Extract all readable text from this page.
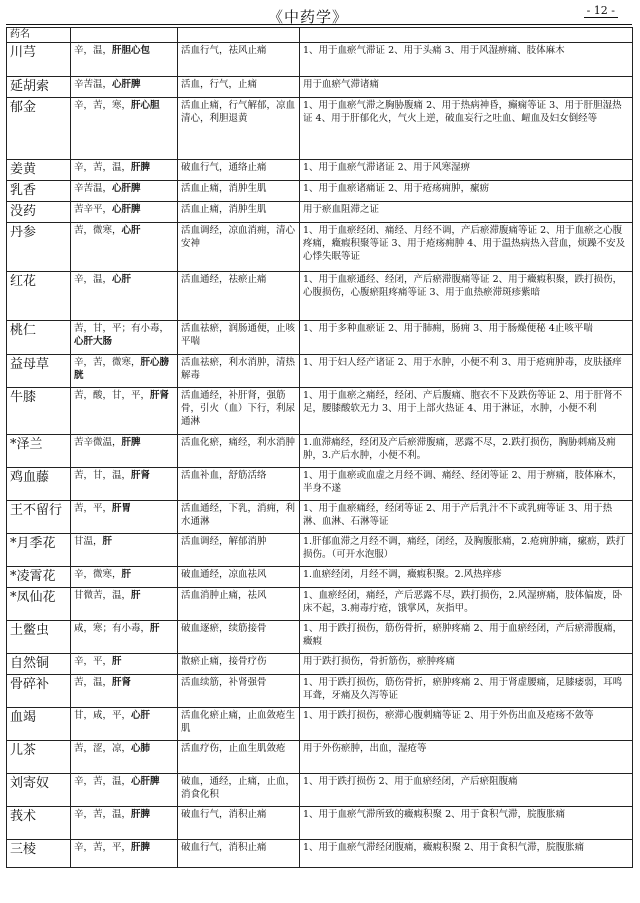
《中药学》	- 12 -
药名			
川芎	辛，温，肝胆心包	活血行气，祛风止痛	1、用于血瘀气滞证 2、用于头痛 3、用于风湿痹痛、肢体麻木
延胡索	辛苦温，心肝脾	活血，行气，止痛	用于血瘀气滞诸痛
郁金	辛，苦，寒，肝心胆	活血止痛，行气解郁，凉血清心，利胆退黄	1、用于血瘀气滞之胸胁腹痛 2、用于热病神昏，癫痫等证 3、用于肝胆湿热证 4、用于肝郁化火，气火上逆，破血妄行之吐血、衄血及妇女倒经等
姜黄	辛，苦，温，肝脾	破血行气，通络止痛	1、用于血瘀气滞诸证 2、用于风寒湿痹
乳香	辛苦温，心肝脾	活血止痛，消肿生肌	1、用于血瘀诸痛证 2、用于疮疡痈肿，瘰疬
没药	苦辛平，心肝脾	活血止痛，消肿生肌	用于瘀血阻滞之证
丹参	苦，微寒，心肝	活血调经，凉血消痈，清心安神	1、用于血瘀经闭、痛经、月经不调，产后瘀滞腹痛等证 2、用于血瘀之心腹疼痛，癥瘕积聚等证 3、用于疮疡痈肿 4、用于温热病热入营血，烦躁不安及心悸失眠等证
红花	辛，温，心肝	活血通经，祛瘀止痛	1、用于血瘀通经、经闭，产后瘀滞腹痛等证 2、用于癥瘕积聚，跌打损伤，心腹损伤，心腹瘀阻疼痛等证 3、用于血热瘀滞斑疹紫暗
桃仁	苦，甘，平；有小毒，心肝大肠	活血祛瘀，润肠通便，止咳平喘	1、用于多种血瘀证 2、用于肺痈，肠痈 3、用于肠燥便秘 4止咳平喘
益母草	辛，苦，微寒，肝心膀胱	活血祛瘀，利水消肿，清热解毒	1、用于妇人经产诸证 2、用于水肿，小便不利 3、用于疮痈肿毒，皮肤搔痒
牛膝	苦，酸，甘，平，肝肾	活血通经，补肝肾，强筋骨，引火（血）下行，利尿通淋	1、用于血瘀之痛经，经闭、产后腹痛、胞衣不下及跌伤等证 2、用于肝肾不足，腰膝酸软无力 3、用于上部火热证 4、用于淋证，水肿，小便不利
*泽兰	苦辛微温，肝脾	活血化瘀，痛经，利水消肿	1.血滞痛经，经闭及产后瘀滞腹痛，恶露不尽，2.跌打损伤，胸胁刺痛及痈肿，3.产后水肿，小便不利。
鸡血藤	苦，甘，温，肝肾	活血补血，舒筋活络	1、用于血瘀或血虚之月经不调、痛经、经闭等证 2、用于痹痛，肢体麻木，半身不遂
王不留行	苦，平，肝胃	活血通经，下乳，消痈，利水通淋	1、用于血瘀痛经，经闭等证 2、用于产后乳汁不下或乳痈等证 3、用于热淋、血淋、石淋等证
*月季花	甘温，肝	活血调经，解郁消肿	1.肝郁血滞之月经不调，痛经，闭经，及胸腹胀痛，2.疮痈肿痛，瘰疬，跌打损伤。（可开水泡服）
*凌霄花	辛，微寒，肝	破血通经，凉血祛风	1.血瘀经闭，月经不调，癥瘕积聚。2.风热痒疹
*凤仙花	甘微苦，温，肝	活血消肿止痛，祛风	1、血瘀经闭，痛经，产后恶露不尽，跌打损伤，2.风湿痹痛，肢体偏废，卧床不起，3.痈毒疔疮，饿掌风，灰指甲。
土鳖虫	咸，寒；有小毒，肝	破血逐瘀，续筋接骨	1、用于跌打损伤，筋伤骨折，瘀肿疼痛 2、用于血瘀经闭，产后瘀滞腹痛，癥瘕
自然铜	辛，平，肝	散瘀止痛，接骨疗伤	用于跌打损伤，骨折筋伤，瘀肿疼痛
骨碎补	苦，温，肝肾	活血续筋，补肾强骨	1、用于跌打损伤，筋伤骨折，瘀肿疼痛 2、用于肾虚腰痛，足膝痿弱，耳鸣耳聋，牙痛及久泻等证
血竭	甘，咸，平，心肝	活血化瘀止痛，止血敛疮生肌	1、用于跌打损伤，瘀滞心腹刺痛等证 2、用于外伤出血及疮疡不敛等
儿茶	苦，涩，凉，心肺	活血疗伤，止血生肌敛疮	用于外伤瘀肿，出血，湿疮等
刘寄奴	辛，苦，温，心肝脾	破血，通经，止痛，止血，消食化积	1、用于跌打损伤 2、用于血瘀经闭，产后瘀阻腹痛
莪术	辛，苦，温，肝脾	破血行气，消积止痛	1、用于血瘀气滞所致的癥瘕积聚 2、用于食积气滞，脘腹胀痛
三棱	辛，苦，平，肝脾	破血行气，消积止痛	1、用于血瘀气滞经闭腹痛，癥瘕积聚 2、用于食积气滞，脘腹胀痛
